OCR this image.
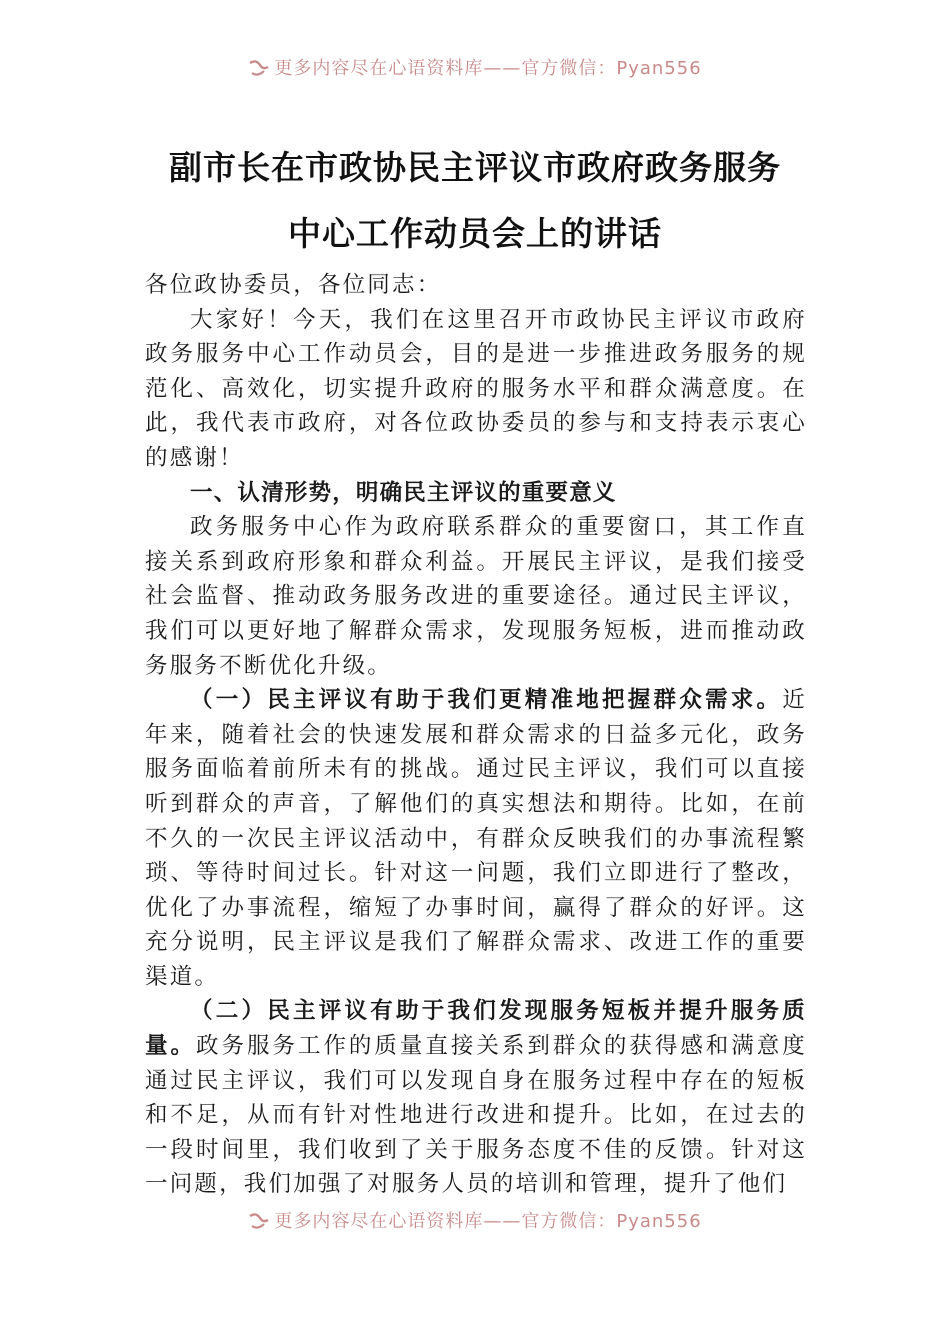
更多内容尽在心语资料库——官方微信：Pyan556
副市长在市政协民主评议市政府政务服务
中心工作动员会上的讲话

各位政协委员，各位同志：

大家好！今天，我们在这里召开市政协民主评议市政府政务服务中心工作动员会，目的是进一步推进政务服务的规范化、高效化，切实提升政府的服务水平和群众满意度。在此，我代表市政府，对各位政协委员的参与和支持表示衷心的感谢！

一、认清形势，明确民主评议的重要意义

政务服务中心作为政府联系群众的重要窗口，其工作直接关系到政府形象和群众利益。开展民主评议，是我们接受社会监督、推动政务服务改进的重要途径。通过民主评议，我们可以更好地了解群众需求，发现服务短板，进而推动政务服务不断优化升级。

（一）民主评议有助于我们更精准地把握群众需求。近年来，随着社会的快速发展和群众需求的日益多元化，政务服务面临着前所未有的挑战。通过民主评议，我们可以直接听到群众的声音，了解他们的真实想法和期待。比如，在前不久的一次民主评议活动中，有群众反映我们的办事流程繁琐、等待时间过长。针对这一问题，我们立即进行了整改，优化了办事流程，缩短了办事时间，赢得了群众的好评。这充分说明，民主评议是我们了解群众需求、改进工作的重要渠道。

（二）民主评议有助于我们发现服务短板并提升服务质量。政务服务工作的质量直接关系到群众的获得感和满意度通过民主评议，我们可以发现自身在服务过程中存在的短板和不足，从而有针对性地进行改进和提升。比如，在过去的一段时间里，我们收到了关于服务态度不佳的反馈。针对这一问题，我们加强了对服务人员的培训和管理，提升了他们

更多内容尽在心语资料库——官方微信：Pyan556
